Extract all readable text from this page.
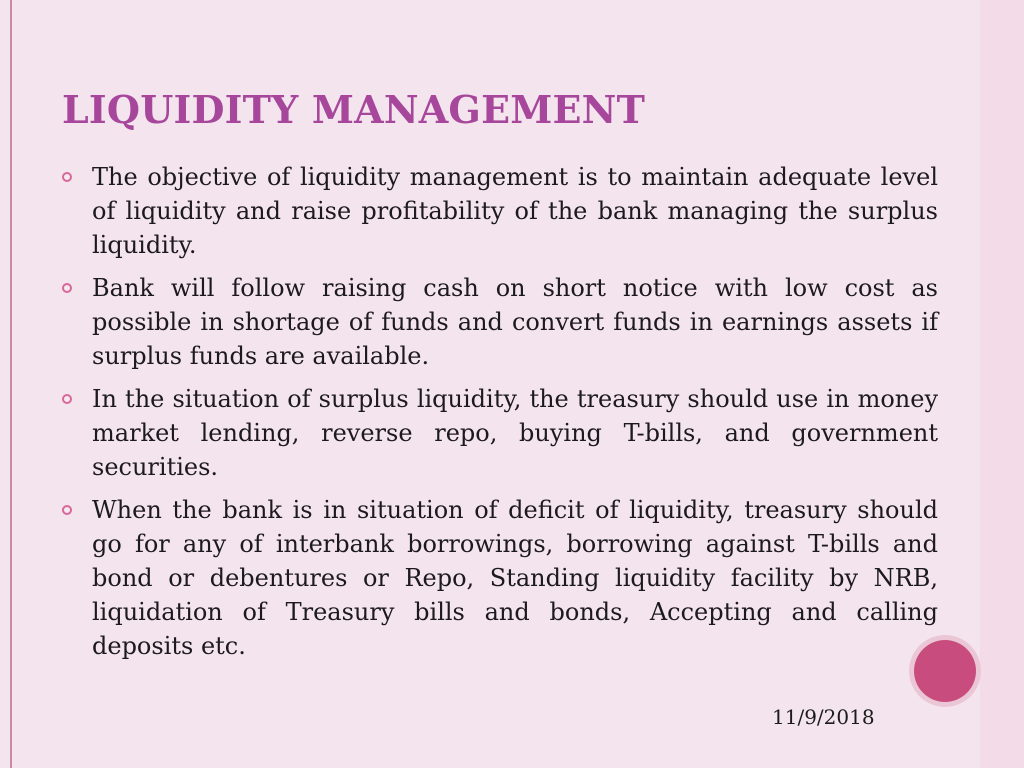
LIQUIDITY MANAGEMENT
The objective of liquidity management is to maintain adequate level of liquidity and raise profitability of the bank managing the surplus liquidity.
Bank will follow raising cash on short notice with low cost as possible in shortage of funds and convert funds in earnings assets if surplus funds are available.
In the situation of surplus liquidity, the treasury should use in money market lending, reverse repo, buying T-bills, and government securities.
When the bank is in situation of deficit of liquidity, treasury should go for any of interbank borrowings, borrowing against T-bills and bond or debentures or Repo, Standing liquidity facility by NRB, liquidation of Treasury bills and bonds, Accepting and calling deposits etc.
11/9/2018
